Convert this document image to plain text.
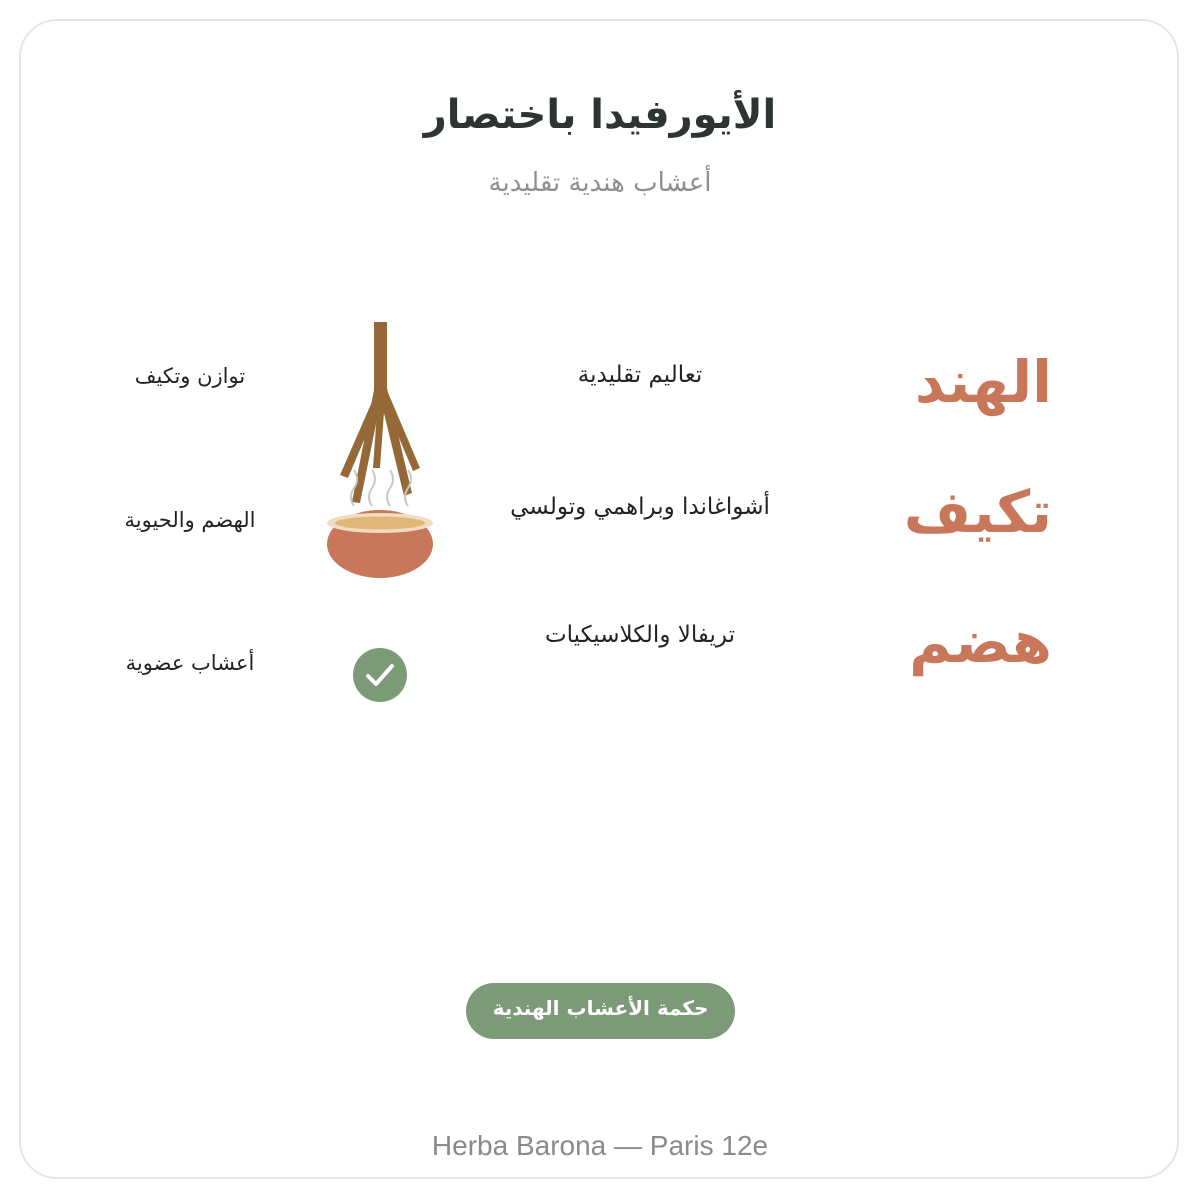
الأيورفيدا باختصار
أعشاب هندية تقليدية
الهند
تعاليم تقليدية
توازن وتكيف
تكيف
أشواغاندا وبراهمي وتولسي
الهضم والحيوية
هضم
تريفالا والكلاسيكيات
أعشاب عضوية
حكمة الأعشاب الهندية
Herba Barona — Paris 12e
